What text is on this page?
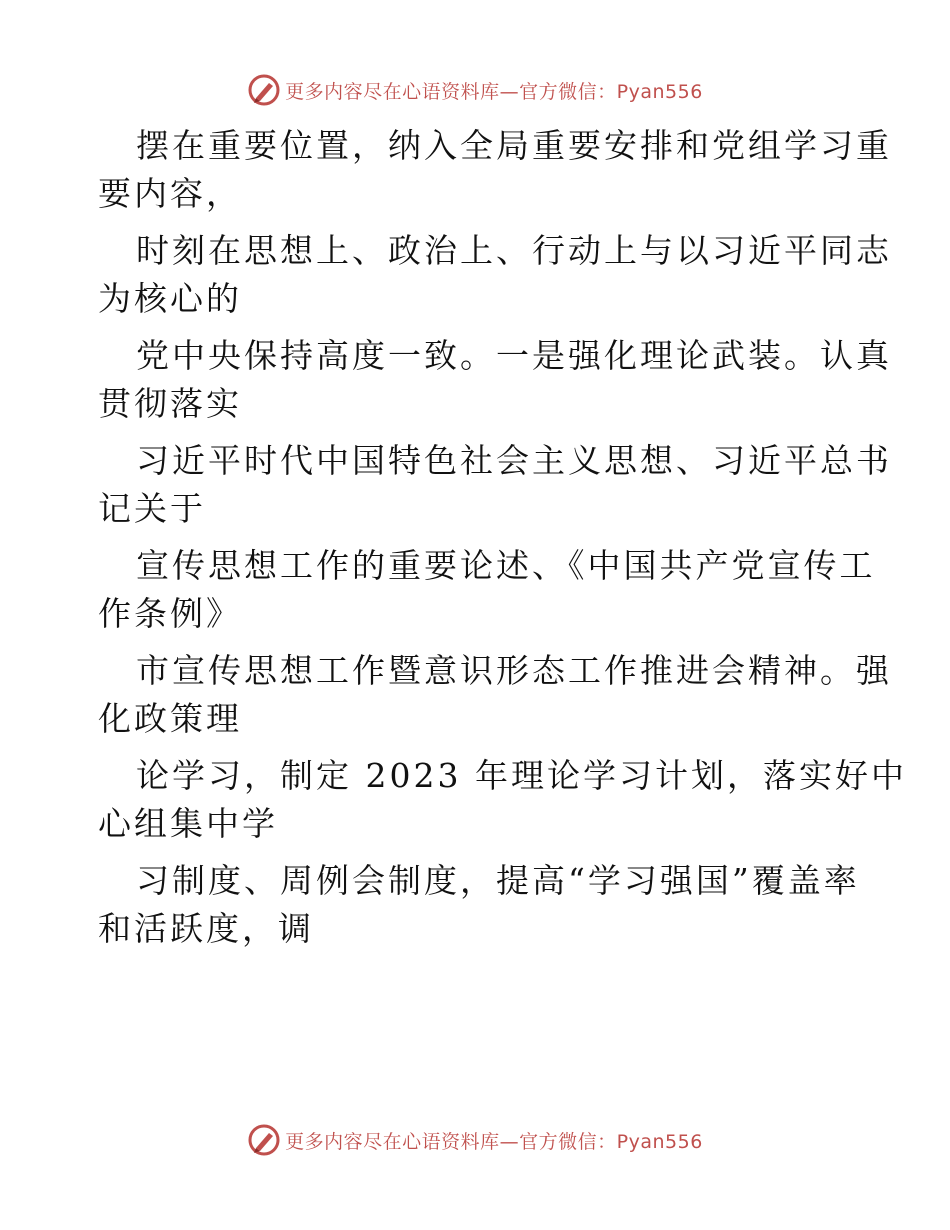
更多内容尽在心语资料库—官方微信：Pyan556
摆在重要位置，纳入全局重要安排和党组学习重
要内容，
时刻在思想上、政治上、行动上与以习近平同志
为核心的
党中央保持高度一致。一是强化理论武装。认真
贯彻落实
习近平时代中国特色社会主义思想、习近平总书
记关于
宣传思想工作的重要论述、《中国共产党宣传工
作条例》
市宣传思想工作暨意识形态工作推进会精神。强
化政策理
论学习，制定 2023 年理论学习计划，落实好中
心组集中学
习制度、周例会制度，提高“学习强国”覆盖率
和活跃度，调
更多内容尽在心语资料库—官方微信：Pyan556
